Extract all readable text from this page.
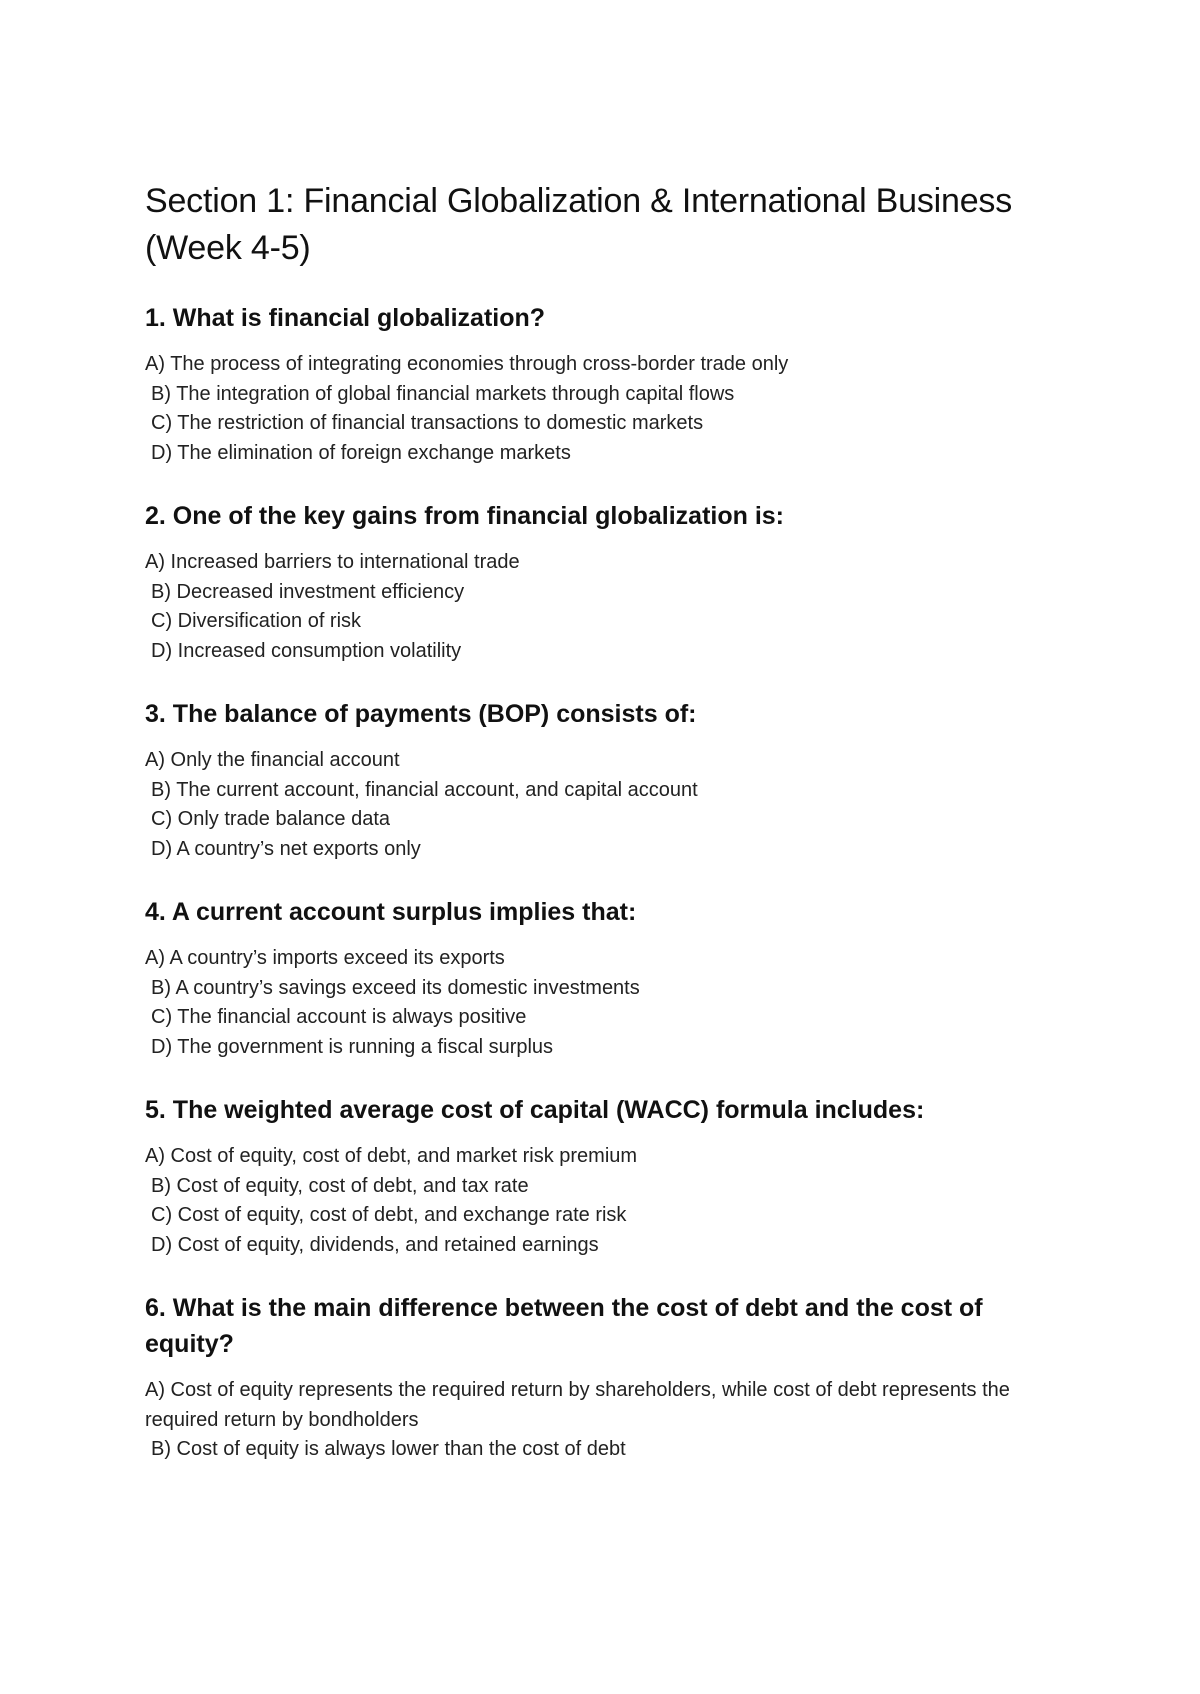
Section 1: Financial Globalization & International Business (Week 4-5)
1. What is financial globalization?
A) The process of integrating economies through cross-border trade only
B) The integration of global financial markets through capital flows
C) The restriction of financial transactions to domestic markets
D) The elimination of foreign exchange markets
2. One of the key gains from financial globalization is:
A) Increased barriers to international trade
B) Decreased investment efficiency
C) Diversification of risk
D) Increased consumption volatility
3. The balance of payments (BOP) consists of:
A) Only the financial account
B) The current account, financial account, and capital account
C) Only trade balance data
D) A country’s net exports only
4. A current account surplus implies that:
A) A country’s imports exceed its exports
B) A country’s savings exceed its domestic investments
C) The financial account is always positive
D) The government is running a fiscal surplus
5. The weighted average cost of capital (WACC) formula includes:
A) Cost of equity, cost of debt, and market risk premium
B) Cost of equity, cost of debt, and tax rate
C) Cost of equity, cost of debt, and exchange rate risk
D) Cost of equity, dividends, and retained earnings
6. What is the main difference between the cost of debt and the cost of equity?
A) Cost of equity represents the required return by shareholders, while cost of debt represents the required return by bondholders
B) Cost of equity is always lower than the cost of debt
